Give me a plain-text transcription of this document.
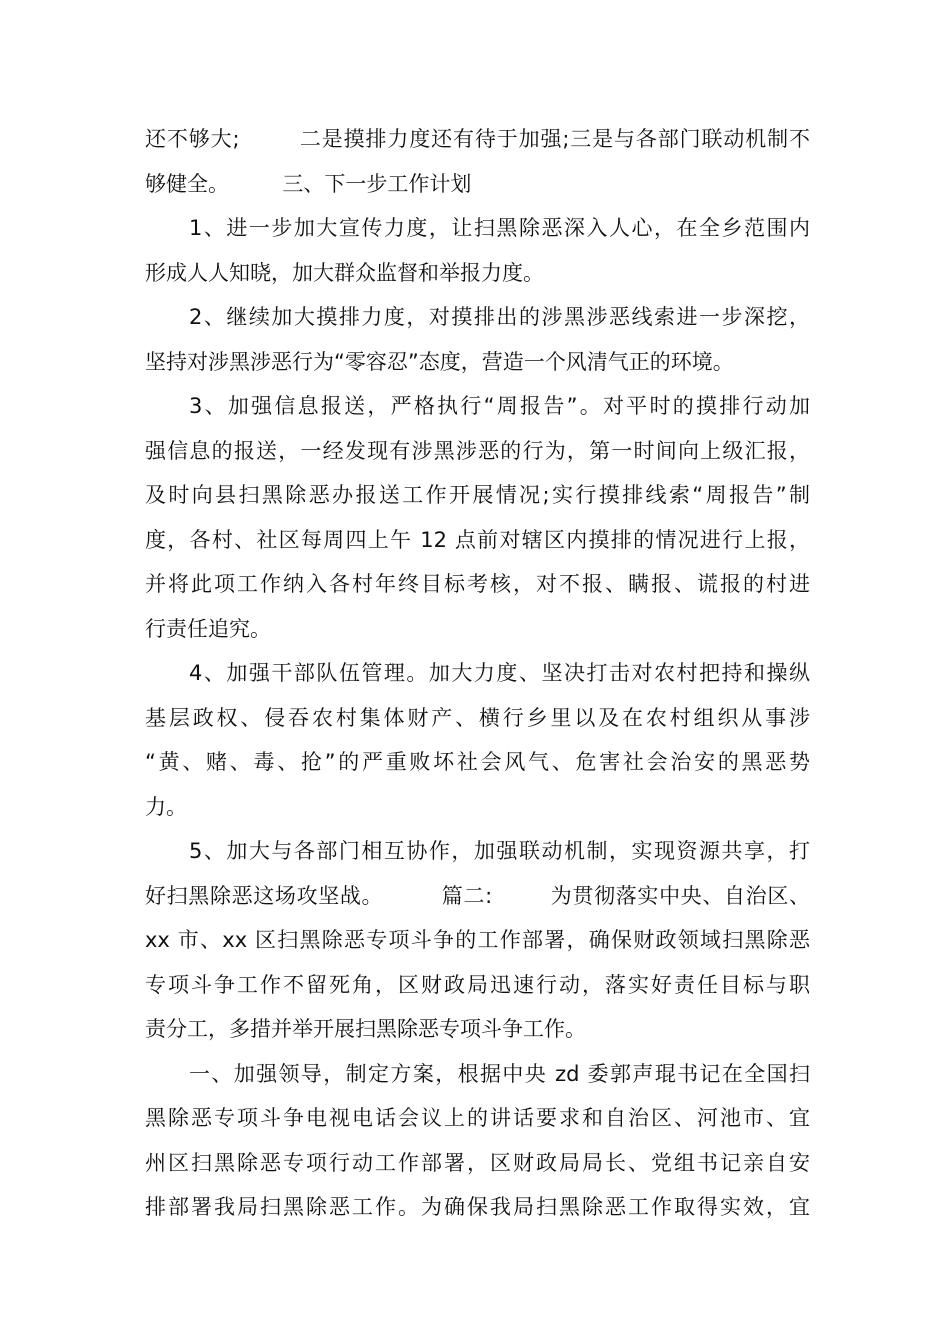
还不够大;        二是摸排力度还有待于加强;三是与各部门联动机制不
够健全。        三、下一步工作计划
1、进一步加大宣传力度，让扫黑除恶深入人心，在全乡范围内
形成人人知晓，加大群众监督和举报力度。
2、继续加大摸排力度，对摸排出的涉黑涉恶线索进一步深挖，
坚持对涉黑涉恶行为“零容忍”态度，营造一个风清气正的环境。
3、加强信息报送，严格执行“周报告”。对平时的摸排行动加
强信息的报送，一经发现有涉黑涉恶的行为，第一时间向上级汇报，
及时向县扫黑除恶办报送工作开展情况;实行摸排线索“周报告”制
度，各村、社区每周四上午 12 点前对辖区内摸排的情况进行上报，
并将此项工作纳入各村年终目标考核，对不报、瞒报、谎报的村进
行责任追究。
4、加强干部队伍管理。加大力度、坚决打击对农村把持和操纵
基层政权、侵吞农村集体财产、横行乡里以及在农村组织从事涉
“黄、赌、毒、抢”的严重败坏社会风气、危害社会治安的黑恶势
力。
5、加大与各部门相互协作，加强联动机制，实现资源共享，打
好扫黑除恶这场攻坚战。        篇二:        为贯彻落实中央、自治区、
xx 市、xx 区扫黑除恶专项斗争的工作部署，确保财政领域扫黑除恶
专项斗争工作不留死角，区财政局迅速行动，落实好责任目标与职
责分工，多措并举开展扫黑除恶专项斗争工作。
一、加强领导，制定方案，根据中央 zd 委郭声琨书记在全国扫
黑除恶专项斗争电视电话会议上的讲话要求和自治区、河池市、宜
州区扫黑除恶专项行动工作部署，区财政局局长、党组书记亲自安
排部署我局扫黑除恶工作。为确保我局扫黑除恶工作取得实效，宜
